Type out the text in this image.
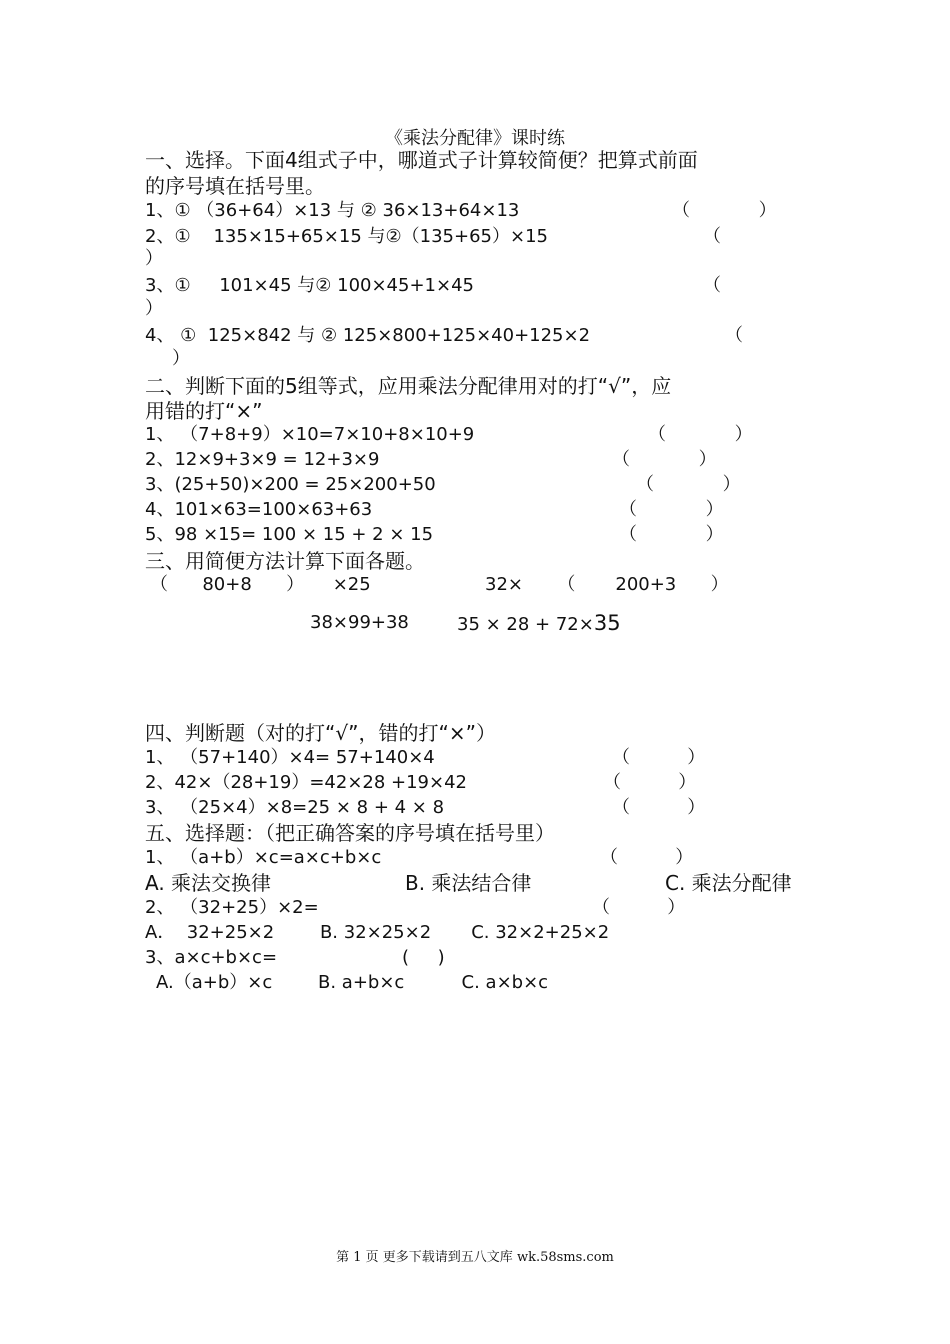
《乘法分配律》课时练
一、选择。下面4组式子中，哪道式子计算较简便？把算式前面
的序号填在括号里。
1、① （36+64）×13 与 ② 36×13+64×13	（            ）
2、①    135×15+65×15 与②（135+65）×15	（
）
3、①     101×45 与② 100×45+1×45	（
）
4、 ①  125×842 与 ② 125×800+125×40+125×2	（
）
二、判断下面的5组等式，应用乘法分配律用对的打“√”，应
用错的打“×”
1、 （7+8+9）×10=7×10+8×10+9	（            ）
2、12×9+3×9 = 12+3×9	（            ）
3、(25+50)×200 = 25×200+50	（            ）
4、101×63=100×63+63	（            ）
5、98 ×15= 100 × 15 + 2 × 15	（            ）
三、用简便方法计算下面各题。
（      80+8      ）     ×25	32×      （       200+3      ）
38×99+38	35 × 28 + 72×35
四、判断题（对的打“√”，错的打“×”）
1、 （57+140）×4= 57+140×4	（          ）
2、42×（28+19）=42×28 +19×42	（          ）
3、 （25×4）×8=25 × 8 + 4 × 8	（          ）
五、选择题：（把正确答案的序号填在括号里）
1、 （a+b）×c=a×c+b×c	（          ）
A. 乘法交换律	B. 乘法结合律	C. 乘法分配律
2、 （32+25）×2=	（          ）
A．  32+25×2        B. 32×25×2       C. 32×2+25×2
3、a×c+b×c=	(     )
A.（a+b）×c        B. a+b×c          C. a×b×c
第 1 页 更多下载请到五八文库 wk.58sms.com
